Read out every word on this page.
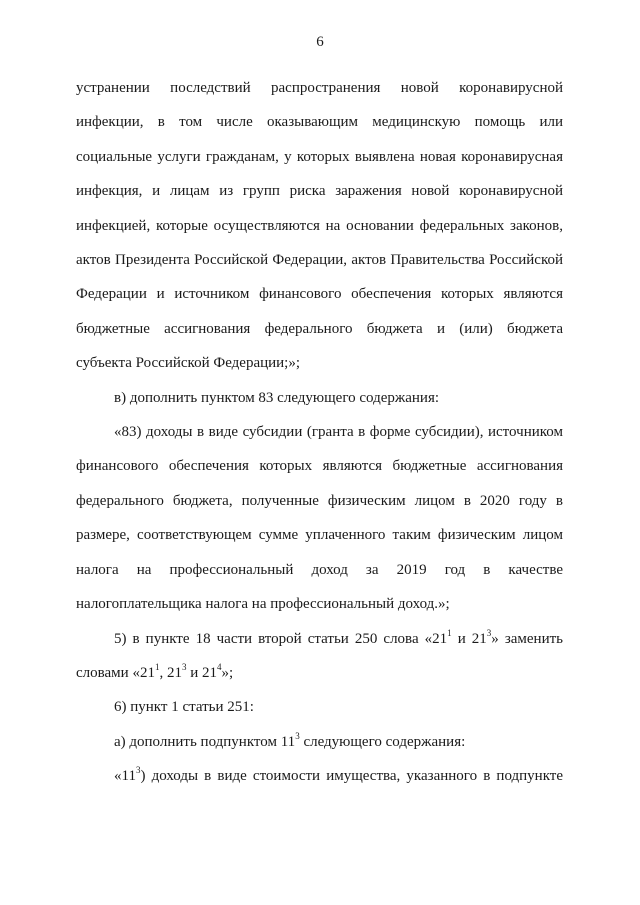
6
устранении последствий распространения новой коронавирусной
инфекции, в том числе оказывающим медицинскую помощь или
социальные услуги гражданам, у которых выявлена новая коронавирусная
инфекция, и лицам из групп риска заражения новой коронавирусной
инфекцией, которые осуществляются на основании федеральных законов,
актов Президента Российской Федерации, актов Правительства Российской
Федерации и источником финансового обеспечения которых являются
бюджетные ассигнования федерального бюджета и (или) бюджета
субъекта Российской Федерации;»;
в) дополнить пунктом 83 следующего содержания:
«83) доходы в виде субсидии (гранта в форме субсидии), источником
финансового обеспечения которых являются бюджетные ассигнования
федерального бюджета, полученные физическим лицом в 2020 году в
размере, соответствующем сумме уплаченного таким физическим лицом
налога на профессиональный доход за 2019 год в качестве
налогоплательщика налога на профессиональный доход.»;
5) в пункте 18 части второй статьи 250 слова «$21^1$ и $21^3$» заменить
словами «$21^1$, $21^3$ и $21^4$»;
6) пункт 1 статьи 251:
а) дополнить подпунктом $11^3$ следующего содержания:
«$11^3$) доходы в виде стоимости имущества, указанного в подпункте
